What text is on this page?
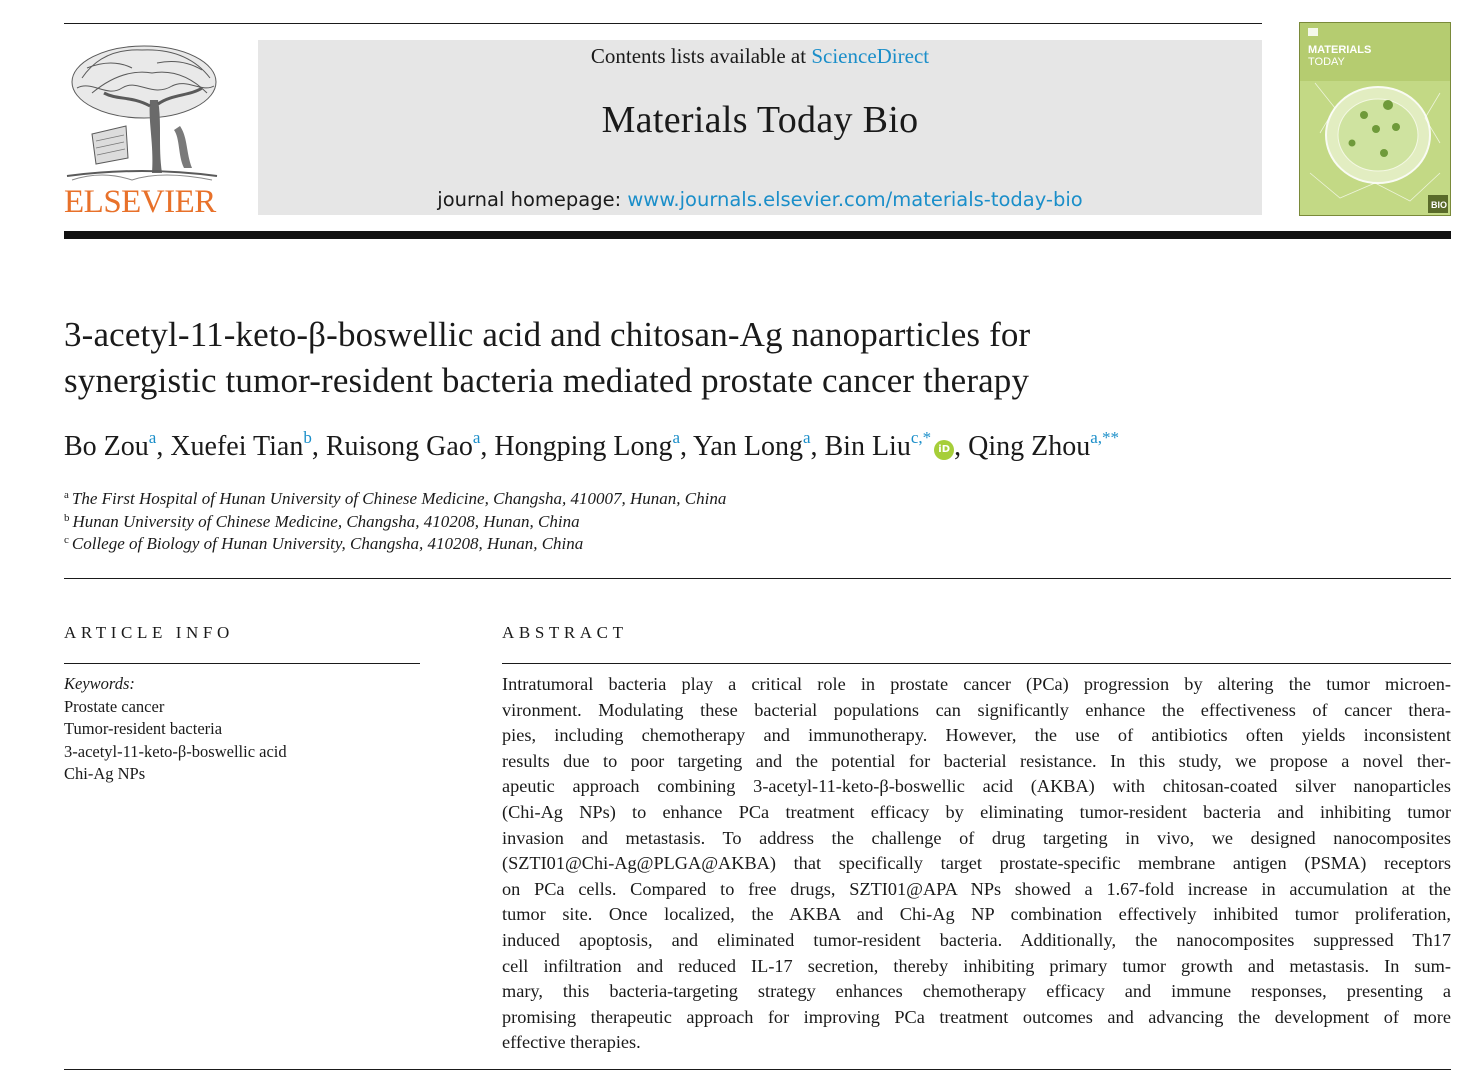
ELSEVIER
Contents lists available at ScienceDirect
Materials Today Bio
journal homepage: www.journals.elsevier.com/materials-today-bio
MATERIALS
TODAY
BIO
3-acetyl-11-keto-β-boswellic acid and chitosan-Ag nanoparticles for
synergistic tumor-resident bacteria mediated prostate cancer therapy
Bo Zou$^a$, Xuefei Tian$^b$, Ruisong Gao$^a$, Hongping Long$^a$, Yan Long$^a$, Bin Liu$^{c,*}$iD , Qing Zhou$^{a,**}$
$^a$ The First Hospital of Hunan University of Chinese Medicine, Changsha, 410007, Hunan, China
$^b$ Hunan University of Chinese Medicine, Changsha, 410208, Hunan, China
$^c$ College of Biology of Hunan University, Changsha, 410208, Hunan, China
ARTICLE INFO	ABSTRACT
Keywords:
Prostate cancer
Tumor-resident bacteria
3-acetyl-11-keto-β-boswellic acid
Chi-Ag NPs
Intratumoral bacteria play a critical role in prostate cancer (PCa) progression by altering the tumor microen-
vironment. Modulating these bacterial populations can significantly enhance the effectiveness of cancer thera-
pies, including chemotherapy and immunotherapy. However, the use of antibiotics often yields inconsistent
results due to poor targeting and the potential for bacterial resistance. In this study, we propose a novel ther-
apeutic approach combining 3-acetyl-11-keto-β-boswellic acid (AKBA) with chitosan-coated silver nanoparticles
(Chi-Ag NPs) to enhance PCa treatment efficacy by eliminating tumor-resident bacteria and inhibiting tumor
invasion and metastasis. To address the challenge of drug targeting in vivo, we designed nanocomposites
(SZTI01@Chi-Ag@PLGA@AKBA) that specifically target prostate-specific membrane antigen (PSMA) receptors
on PCa cells. Compared to free drugs, SZTI01@APA NPs showed a 1.67-fold increase in accumulation at the
tumor site. Once localized, the AKBA and Chi-Ag NP combination effectively inhibited tumor proliferation,
induced apoptosis, and eliminated tumor-resident bacteria. Additionally, the nanocomposites suppressed Th17
cell infiltration and reduced IL-17 secretion, thereby inhibiting primary tumor growth and metastasis. In sum-
mary, this bacteria-targeting strategy enhances chemotherapy efficacy and immune responses, presenting a
promising therapeutic approach for improving PCa treatment outcomes and advancing the development of more
effective therapies.
